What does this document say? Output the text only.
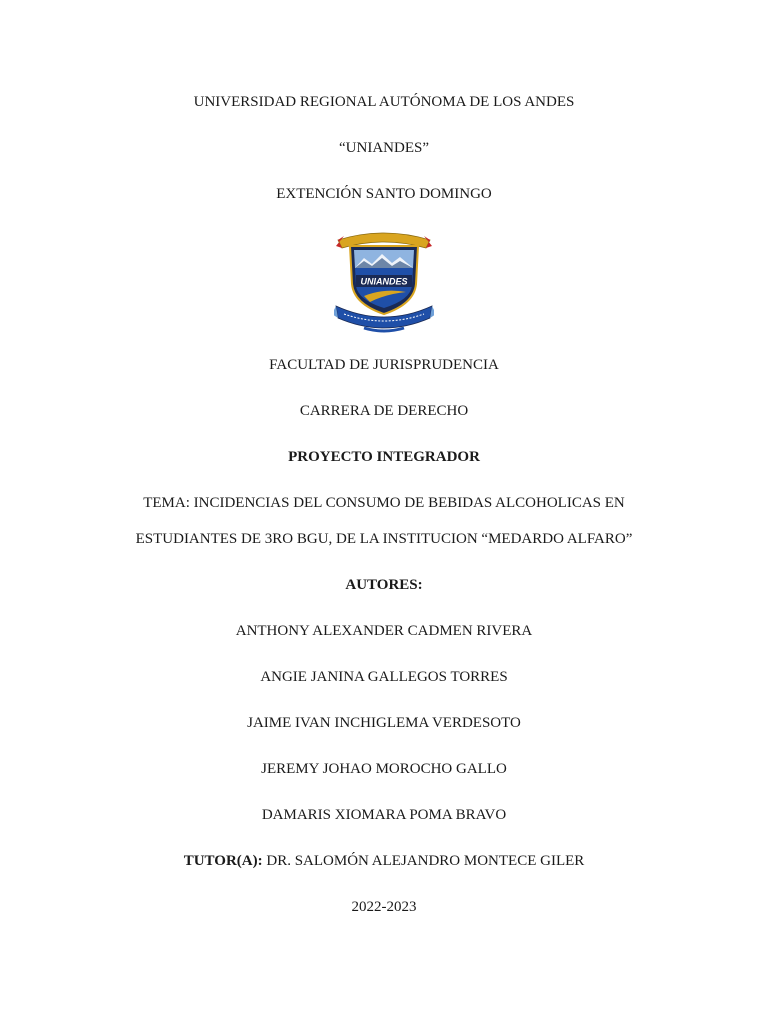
UNIVERSIDAD REGIONAL AUTÓNOMA DE LOS ANDES
“UNIANDES”
EXTENCIÓN SANTO DOMINGO
UNIANDES
FACULTAD DE JURISPRUDENCIA
CARRERA DE DERECHO
PROYECTO INTEGRADOR
TEMA: INCIDENCIAS DEL CONSUMO DE BEBIDAS ALCOHOLICAS EN
ESTUDIANTES DE 3RO BGU, DE LA INSTITUCION “MEDARDO ALFARO”
AUTORES:
ANTHONY ALEXANDER CADMEN RIVERA
ANGIE JANINA GALLEGOS TORRES
JAIME IVAN INCHIGLEMA VERDESOTO
JEREMY JOHAO MOROCHO GALLO
DAMARIS XIOMARA POMA BRAVO
TUTOR(A): DR. SALOMÓN ALEJANDRO MONTECE GILER
2022-2023
